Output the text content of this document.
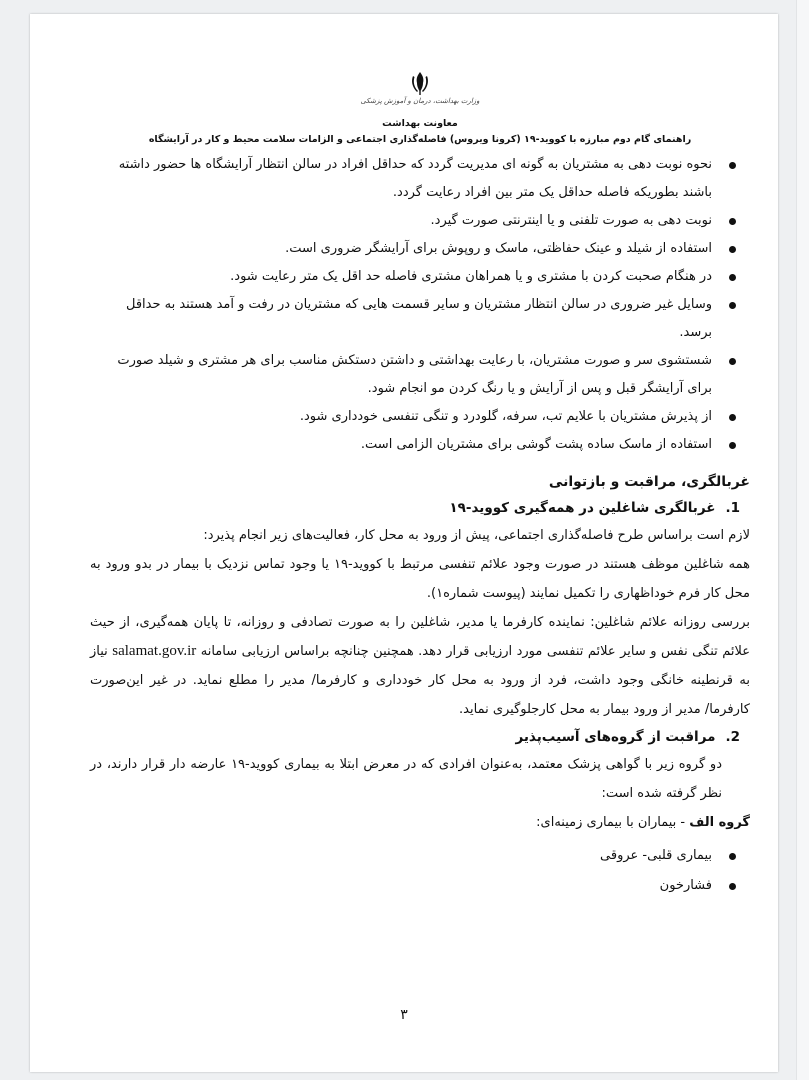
وزارت بهداشت، درمان و آموزش پزشکی
معاونت بهداشت
راهنمای گام دوم مبارزه با کووید-۱۹ (کرونا ویروس) فاصله‌گذاری اجتماعی و الزامات سلامت محیط و کار در آرایشگاه
نحوه نوبت دهی به مشتریان به گونه ای مدیریت گردد که حداقل افراد در سالن انتظار آرایشگاه ها حضور داشته باشند بطوریکه فاصله حداقل یک متر بین افراد رعایت گردد.
نوبت دهی به صورت تلفنی و یا اینترنتی صورت گیرد.
استفاده از شیلد و عینک حفاظتی، ماسک و روپوش برای آرایشگر ضروری است.
در هنگام صحبت کردن با مشتری و یا همراهان مشتری فاصله حد اقل یک متر رعایت شود.
وسایل غیر ضروری در سالن انتظار مشتریان و سایر قسمت هایی که مشتریان در رفت و آمد هستند به حداقل برسد.
شستشوی سر و صورت مشتریان، با رعایت بهداشتی و داشتن دستکش مناسب برای هر مشتری و شیلد صورت برای آرایشگر قبل و پس از آرایش و یا رنگ کردن مو انجام شود.
از پذیرش مشتریان با علایم تب، سرفه، گلودرد و تنگی تنفسی خودداری شود.
استفاده از ماسک ساده پشت گوشی برای مشتریان الزامی است.
غربالگری، مراقبت و بازتوانی
1.غربالگری شاغلین در همه‌گیری کووید-۱۹

لازم است براساس طرح فاصله‌گذاری اجتماعی، پیش از ورود به محل کار، فعالیت‌های زیر انجام پذیرد:

همه شاغلین موظف هستند در صورت وجود علائم تنفسی مرتبط با کووید-۱۹ یا وجود تماس نزدیک با بیمار در بدو ورود به محل کار فرم خوداظهاری را تکمیل نمایند (پیوست شماره۱).

بررسی روزانه علائم شاغلین: نماینده کارفرما یا مدیر، شاغلین را به صورت تصادفی و روزانه، تا پایان همه‌گیری، از حیث علائم تنگی نفس و سایر علائم تنفسی مورد ارزیابی قرار دهد. همچنین چنانچه براساس ارزیابی سامانه salamat.gov.ir نیاز به قرنطینه خانگی وجود داشت، فرد از ورود به محل کار خودداری و کارفرما/ مدیر را مطلع نماید. در غیر این‌صورت کارفرما/ مدیر از ورود بیمار به محل کارجلوگیری نماید.

2.مراقبت از گروه‌های آسیب‌پذیر

دو گروه زیر با گواهی پزشک معتمد، به‌عنوان افرادی که در معرض ابتلا به بیماری کووید-۱۹ عارضه دار قرار دارند، در نظر گرفته شده است:

گروه الف - بیماران با بیماری زمینه‌ای:
بیماری قلبی- عروقی
فشارخون
۳
